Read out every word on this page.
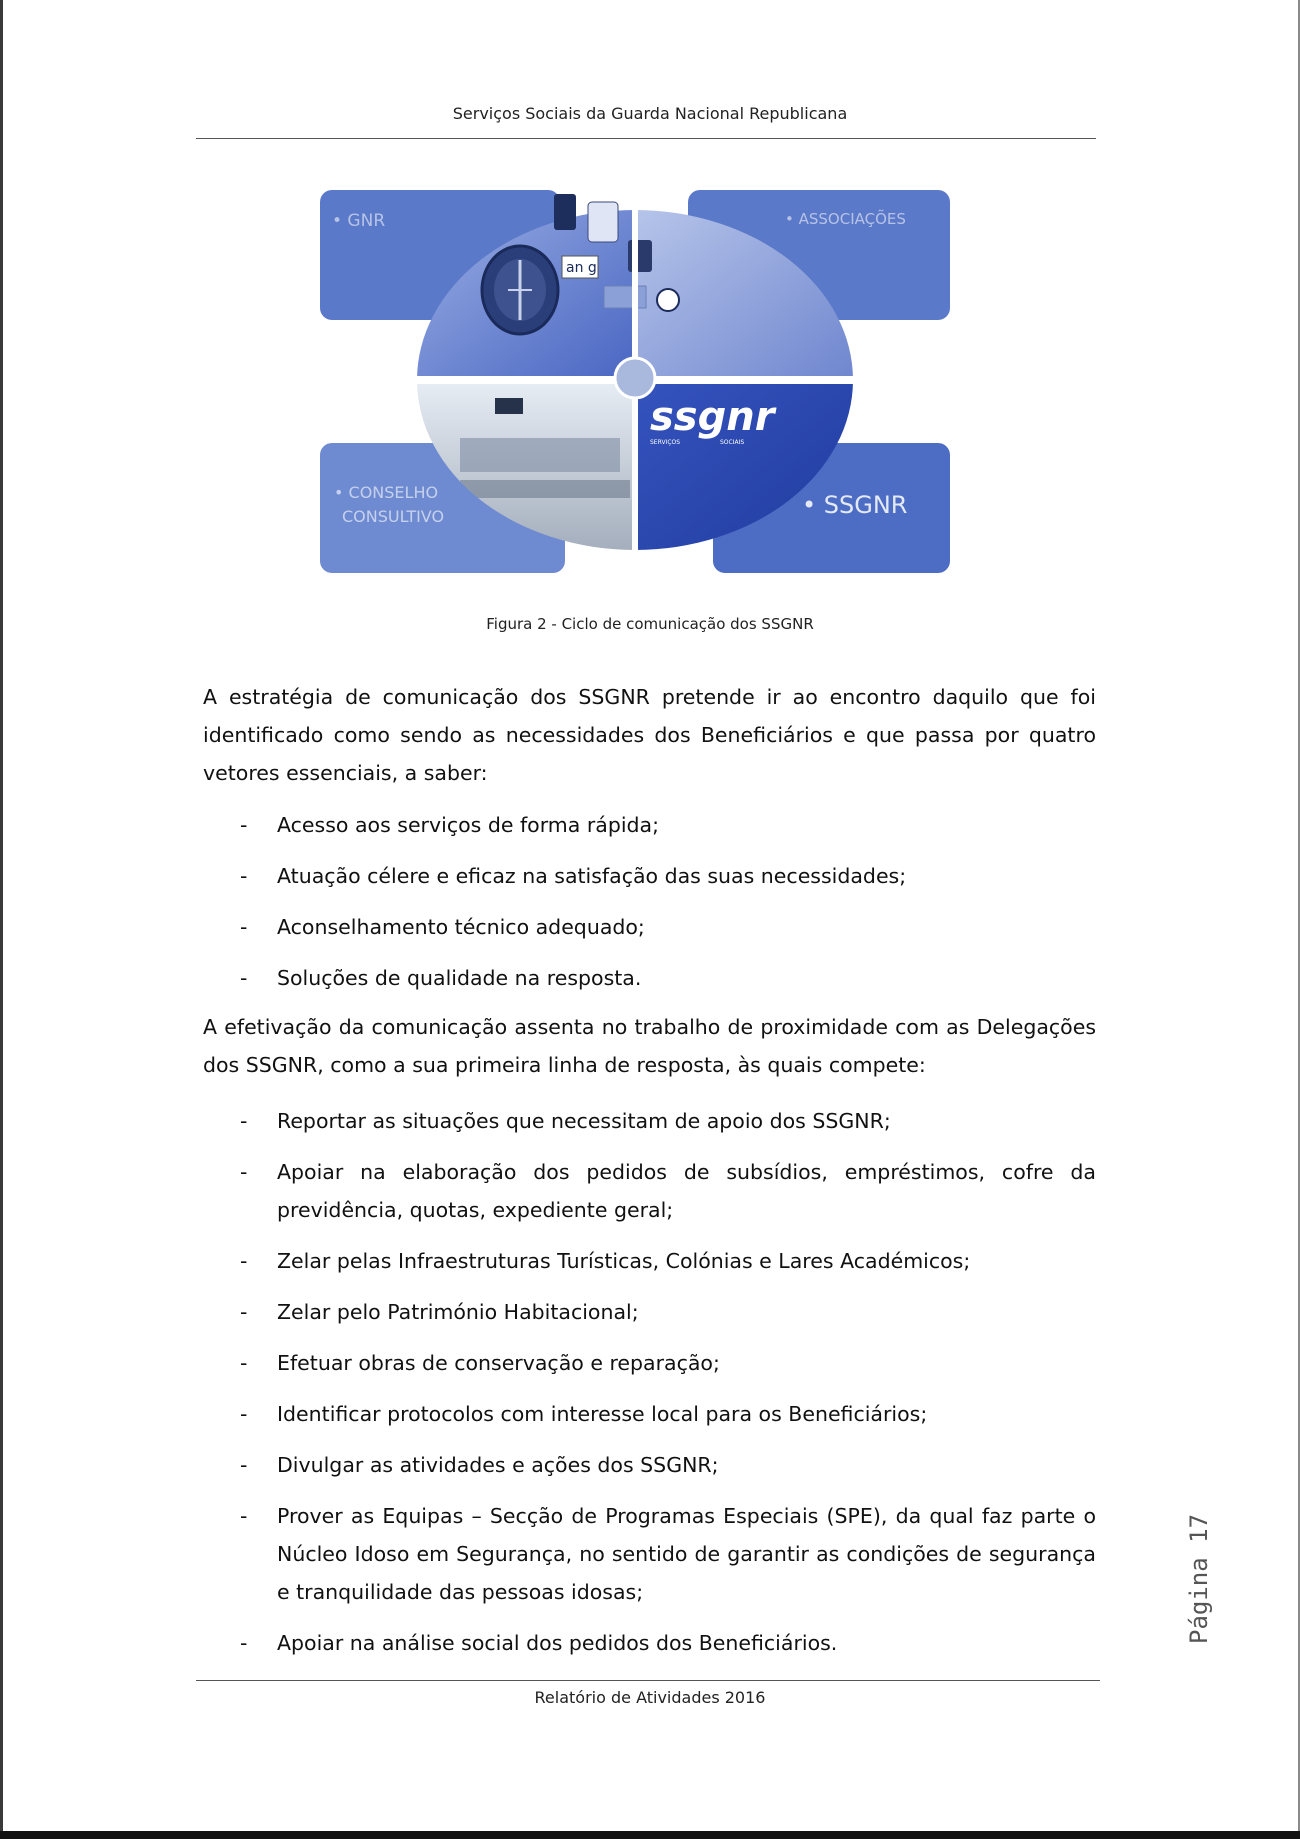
Serviços Sociais da Guarda Nacional Republicana
an g
ssgnr
SERVIÇOS	SOCIAIS
• GNR	• ASSOCIAÇÕES
• CONSELHO
CONSULTIVO	• SSGNR
Figura 2 - Ciclo de comunicação dos SSGNR

A estratégia de comunicação dos SSGNR pretende ir ao encontro daquilo que foi identificado como sendo as necessidades dos Beneficiários e que passa por quatro vetores essenciais, a saber:

- Acesso aos serviços de forma rápida;
- Atuação célere e eficaz na satisfação das suas necessidades;
- Aconselhamento técnico adequado;
- Soluções de qualidade na resposta.

A efetivação da comunicação assenta no trabalho de proximidade com as Delegações dos SSGNR, como a sua primeira linha de resposta, às quais compete:

- Reportar as situações que necessitam de apoio dos SSGNR;
- Apoiar na elaboração dos pedidos de subsídios, empréstimos, cofre da previdência, quotas, expediente geral;
- Zelar pelas Infraestruturas Turísticas, Colónias e Lares Académicos;
- Zelar pelo Património Habitacional;
- Efetuar obras de conservação e reparação;
- Identificar protocolos com interesse local para os Beneficiários;
- Divulgar as atividades e ações dos SSGNR;
- Prover as Equipas – Secção de Programas Especiais (SPE), da qual faz parte o Núcleo Idoso em Segurança, no sentido de garantir as condições de segurança e tranquilidade das pessoas idosas;
- Apoiar na análise social dos pedidos dos Beneficiários.
Relatório de Atividades 2016
Página 17
